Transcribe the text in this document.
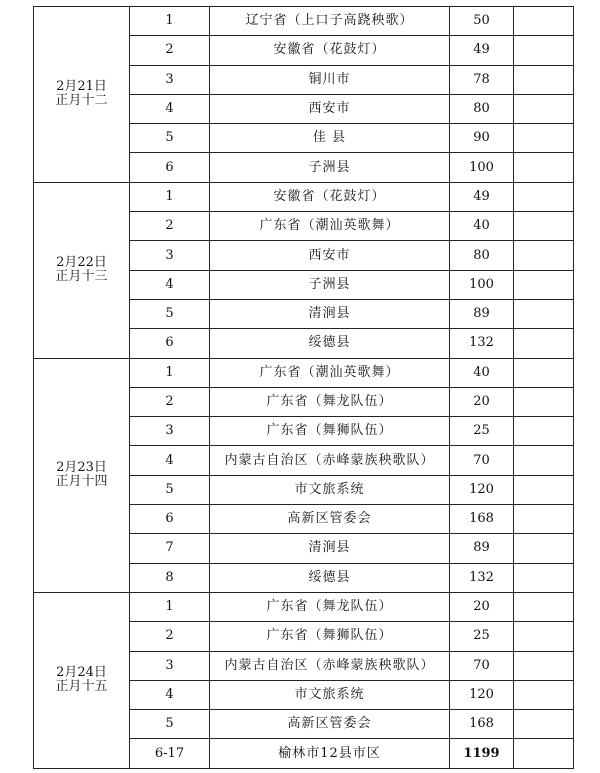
2月21日
正月十二	1	辽宁省（上口子高跷秧歌）	50	
	2	安徽省（花鼓灯）	49	
	3	铜川市	78	
	4	西安市	80	
	5	佳 县	90	
	6	子洲县	100	

2月22日
正月十三	1	安徽省（花鼓灯）	49	
	2	广东省（潮汕英歌舞）	40	
	3	西安市	80	
	4	子洲县	100	
	5	清涧县	89	
	6	绥德县	132	

2月23日
正月十四	1	广东省（潮汕英歌舞）	40	
	2	广东省（舞龙队伍）	20	
	3	广东省（舞狮队伍）	25	
	4	内蒙古自治区（赤峰蒙族秧歌队）	70	
	5	市文旅系统	120	
	6	高新区管委会	168	
	7	清涧县	89	
	8	绥德县	132	

2月24日
正月十五	1	广东省（舞龙队伍）	20	
	2	广东省（舞狮队伍）	25	
	3	内蒙古自治区（赤峰蒙族秧歌队）	70	
	4	市文旅系统	120	
	5	高新区管委会	168	
	6-17	榆林市12县市区	1199	
